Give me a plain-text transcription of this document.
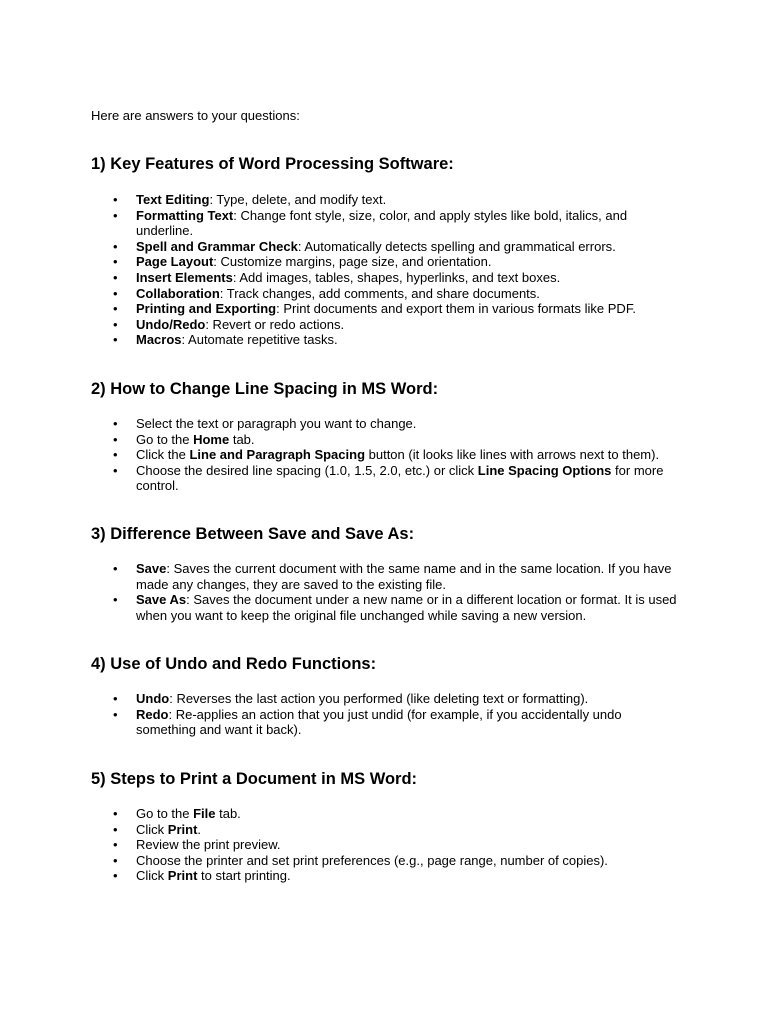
Here are answers to your questions:

1) Key Features of Word Processing Software:
• Text Editing: Type, delete, and modify text.
• Formatting Text: Change font style, size, color, and apply styles like bold, italics, and underline.
• Spell and Grammar Check: Automatically detects spelling and grammatical errors.
• Page Layout: Customize margins, page size, and orientation.
• Insert Elements: Add images, tables, shapes, hyperlinks, and text boxes.
• Collaboration: Track changes, add comments, and share documents.
• Printing and Exporting: Print documents and export them in various formats like PDF.
• Undo/Redo: Revert or redo actions.
• Macros: Automate repetitive tasks.
2) How to Change Line Spacing in MS Word:
• Select the text or paragraph you want to change.
• Go to the Home tab.
• Click the Line and Paragraph Spacing button (it looks like lines with arrows next to them).
• Choose the desired line spacing (1.0, 1.5, 2.0, etc.) or click Line Spacing Options for more control.
3) Difference Between Save and Save As:
• Save: Saves the current document with the same name and in the same location. If you have made any changes, they are saved to the existing file.
• Save As: Saves the document under a new name or in a different location or format. It is used when you want to keep the original file unchanged while saving a new version.
4) Use of Undo and Redo Functions:
• Undo: Reverses the last action you performed (like deleting text or formatting).
• Redo: Re-applies an action that you just undid (for example, if you accidentally undo something and want it back).
5) Steps to Print a Document in MS Word:
• Go to the File tab.
• Click Print.
• Review the print preview.
• Choose the printer and set print preferences (e.g., page range, number of copies).
• Click Print to start printing.
